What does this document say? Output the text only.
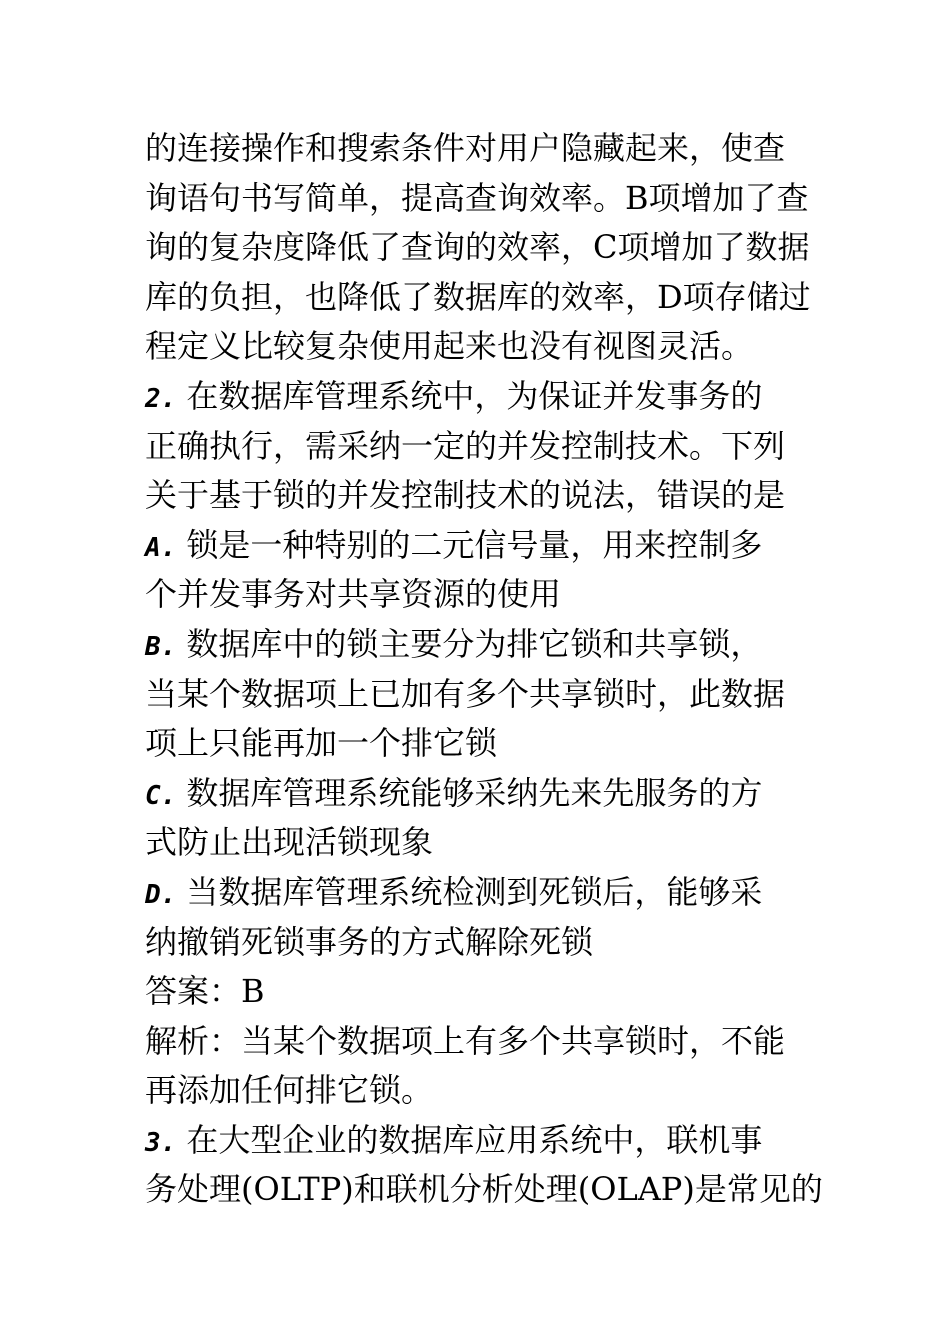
的连接操作和搜索条件对用户隐藏起来，使查
询语句书写简单，提高查询效率。B项增加了查
询的复杂度降低了查询的效率，C项增加了数据
库的负担，也降低了数据库的效率，D项存储过
程定义比较复杂使用起来也没有视图灵活。
2. 在数据库管理系统中，为保证并发事务的
正确执行，需采纳一定的并发控制技术。下列
关于基于锁的并发控制技术的说法，错误的是
A. 锁是一种特别的二元信号量，用来控制多
个并发事务对共享资源的使用
B. 数据库中的锁主要分为排它锁和共享锁，
当某个数据项上已加有多个共享锁时，此数据
项上只能再加一个排它锁
C. 数据库管理系统能够采纳先来先服务的方
式防止出现活锁现象
D. 当数据库管理系统检测到死锁后，能够采
纳撤销死锁事务的方式解除死锁
答案：B
解析：当某个数据项上有多个共享锁时，不能
再添加任何排它锁。
3. 在大型企业的数据库应用系统中，联机事
务处理(OLTP)和联机分析处理(OLAP)是常见的
